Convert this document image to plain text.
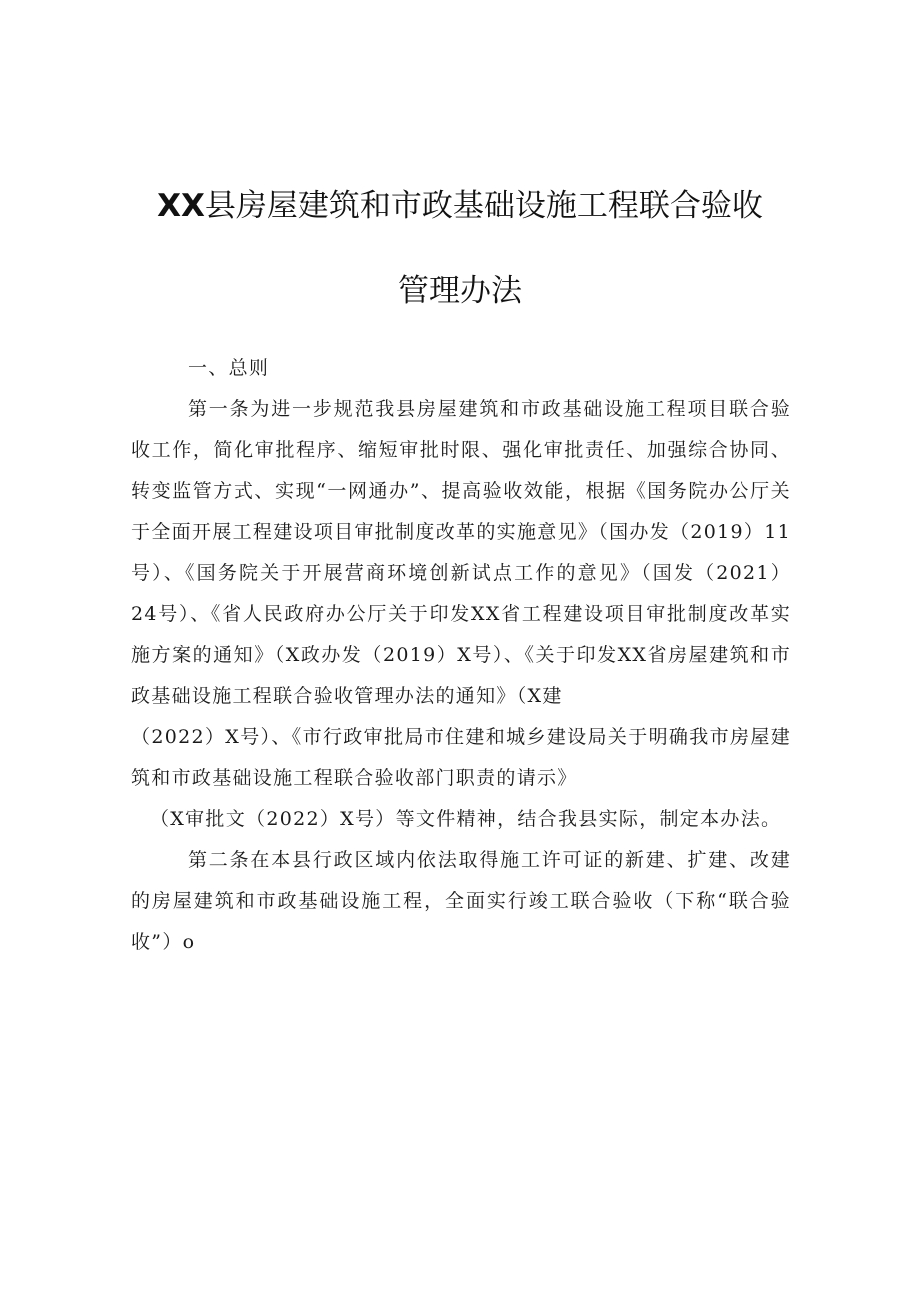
XX县房屋建筑和市政基础设施工程联合验收
管理办法

一、总则

第一条为进一步规范我县房屋建筑和市政基础设施工程项目联合验收工作，简化审批程序、缩短审批时限、强化审批责任、加强综合协同、转变监管方式、实现“一网通办”、提高验收效能，根据《国务院办公厅关于全面开展工程建设项目审批制度改革的实施意见》（国办发（2019）11号）、《国务院关于开展营商环境创新试点工作的意见》（国发（2021）24号）、《省人民政府办公厅关于印发XX省工程建设项目审批制度改革实施方案的通知》（X政办发（2019）X号）、《关于印发XX省房屋建筑和市政基础设施工程联合验收管理办法的通知》（X建

（2022）X号）、《市行政审批局市住建和城乡建设局关于明确我市房屋建筑和市政基础设施工程联合验收部门职责的请示》

（X审批文（2022）X号）等文件精神，结合我县实际，制定本办法。

第二条在本县行政区域内依法取得施工许可证的新建、扩建、改建的房屋建筑和市政基础设施工程，全面实行竣工联合验收（下称“联合验收”）o
